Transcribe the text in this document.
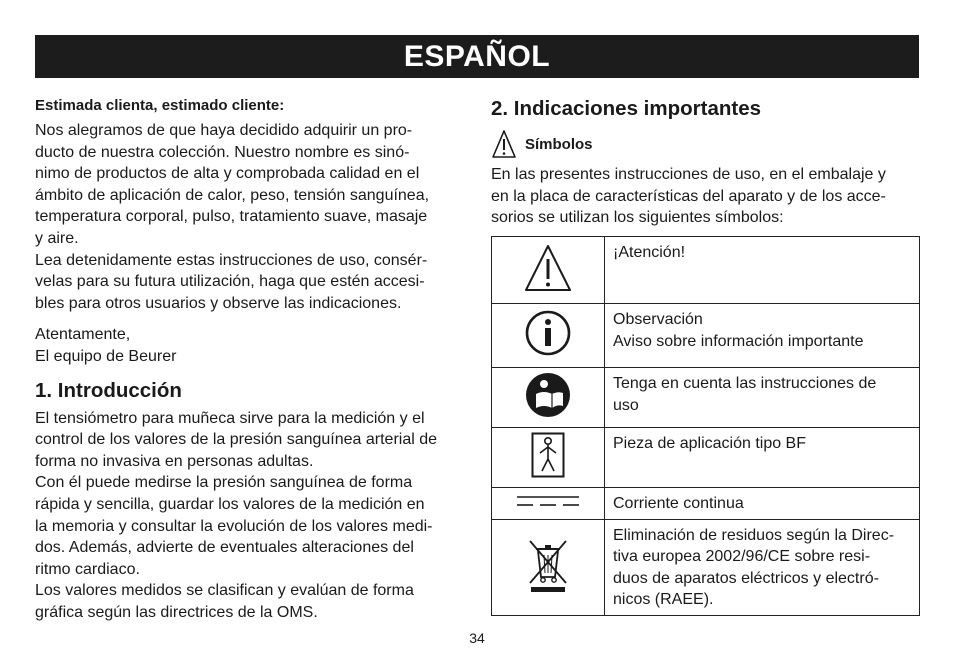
ESPAÑOL
Estimada clienta, estimado cliente:
Nos alegramos de que haya decidido adquirir un pro-
ducto de nuestra colección. Nuestro nombre es sinó-
nimo de productos de alta y comprobada calidad en el
ámbito de aplicación de calor, peso, tensión sanguínea,
temperatura corporal, pulso, tratamiento suave, masaje
y aire.
Lea detenidamente estas instrucciones de uso, consér-
velas para su futura utilización, haga que estén accesi-
bles para otros usuarios y observe las indicaciones.
Atentamente,
El equipo de Beurer
1. Introducción
El tensiómetro para muñeca sirve para la medición y el
control de los valores de la presión sanguínea arterial de
forma no invasiva en personas adultas.
Con él puede medirse la presión sanguínea de forma
rápida y sencilla, guardar los valores de la medición en
la memoria y consultar la evolución de los valores medi-
dos. Además, advierte de eventuales alteraciones del
ritmo cardiaco.
Los valores medidos se clasifican y evalúan de forma
gráfica según las directrices de la OMS.
2. Indicaciones importantes
Símbolos
En las presentes instrucciones de uso, en el embalaje y
en la placa de características del aparato y de los acce-
sorios se utilizan los siguientes símbolos:

¡Atención!

Observación
Aviso sobre información importante

Tenga en cuenta las instrucciones de
uso

Pieza de aplicación tipo BF

Corriente continua

Eliminación de residuos según la Direc-
tiva europea 2002/96/CE sobre resi-
duos de aparatos eléctricos y electró-
nicos (RAEE).
34
